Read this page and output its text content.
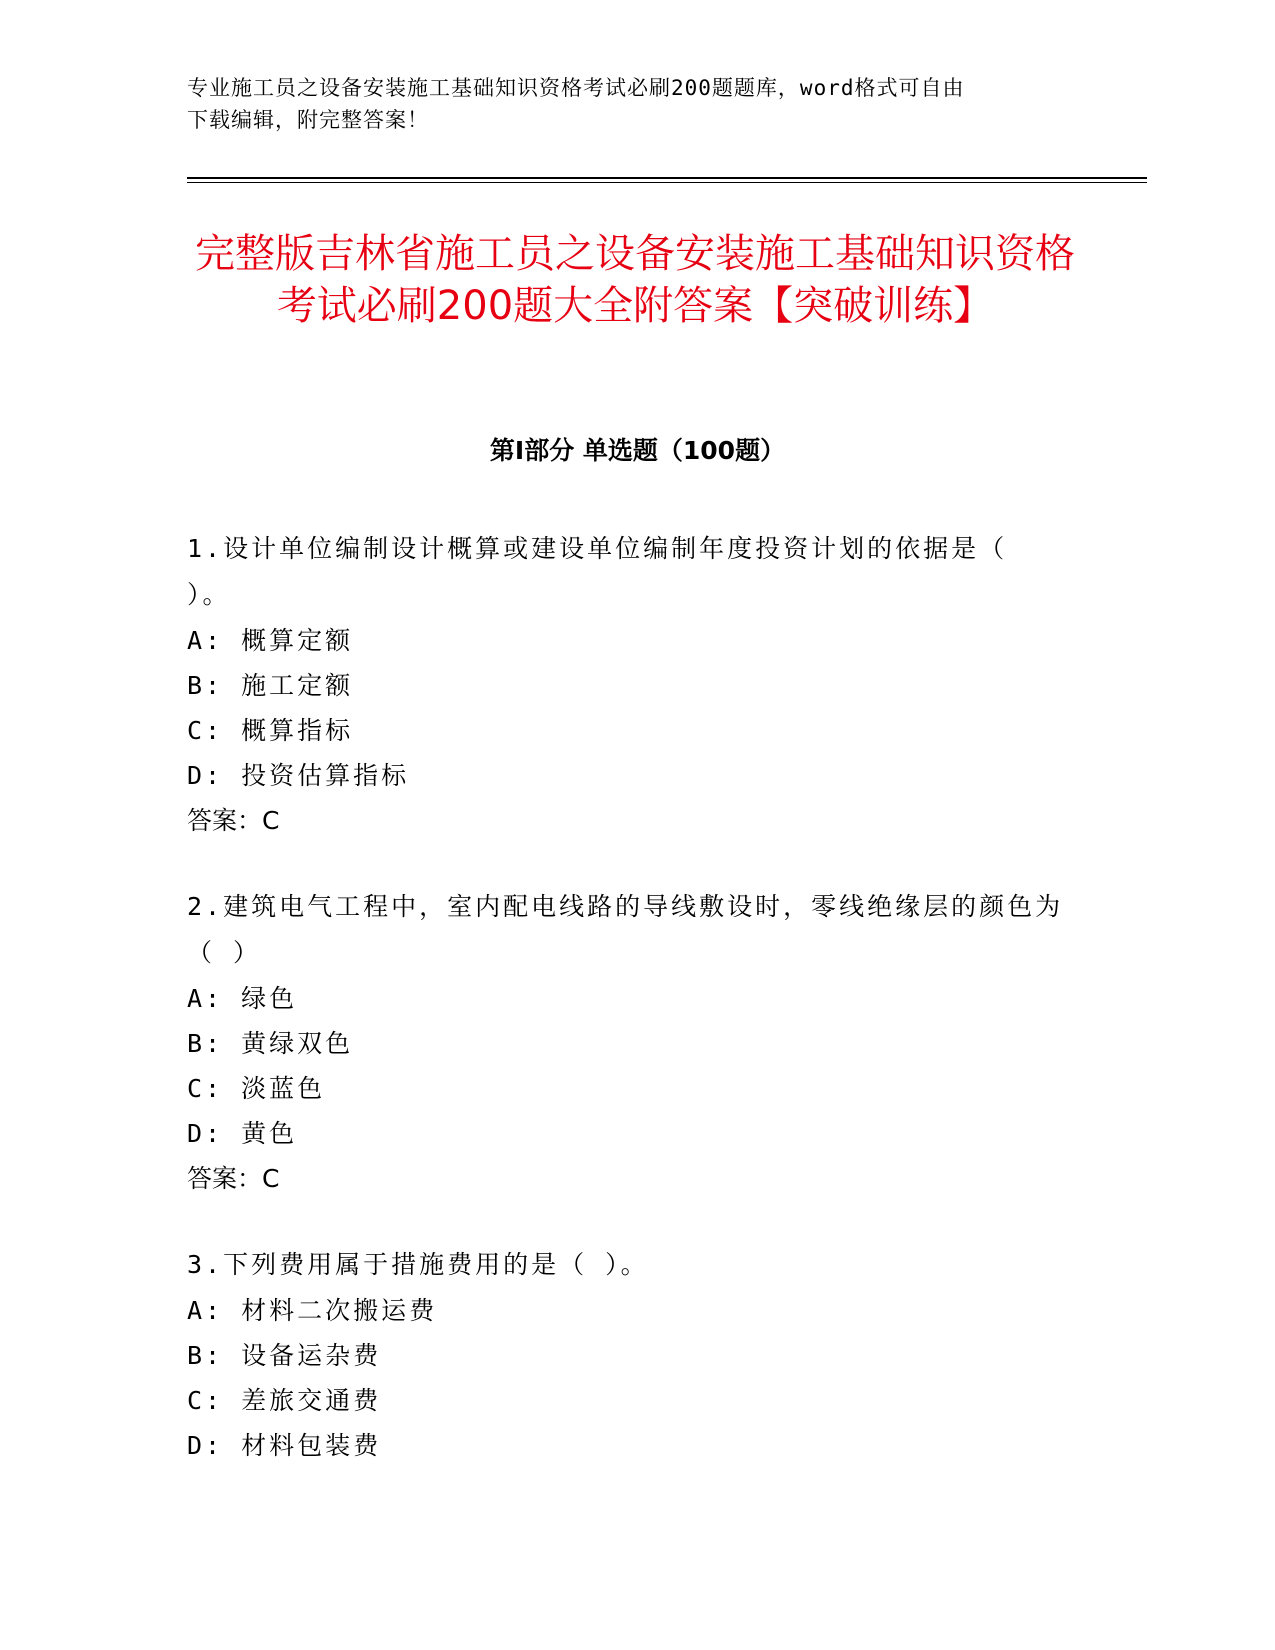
专业施工员之设备安装施工基础知识资格考试必刷200题题库，word格式可自由
下载编辑，附完整答案！
完整版吉林省施工员之设备安装施工基础知识资格考试必刷200题大全附答案【突破训练】
第Ⅰ部分 单选题（100题）

1.设计单位编制设计概算或建设单位编制年度投资计划的依据是（ ）。

A: 概算定额

B: 施工定额

C: 概算指标

D: 投资估算指标

答案：C

2.建筑电气工程中，室内配电线路的导线敷设时，零线绝缘层的颜色为（ ）

A: 绿色

B: 黄绿双色

C: 淡蓝色

D: 黄色

答案：C

3.下列费用属于措施费用的是（ ）。

A: 材料二次搬运费

B: 设备运杂费

C: 差旅交通费

D: 材料包装费
